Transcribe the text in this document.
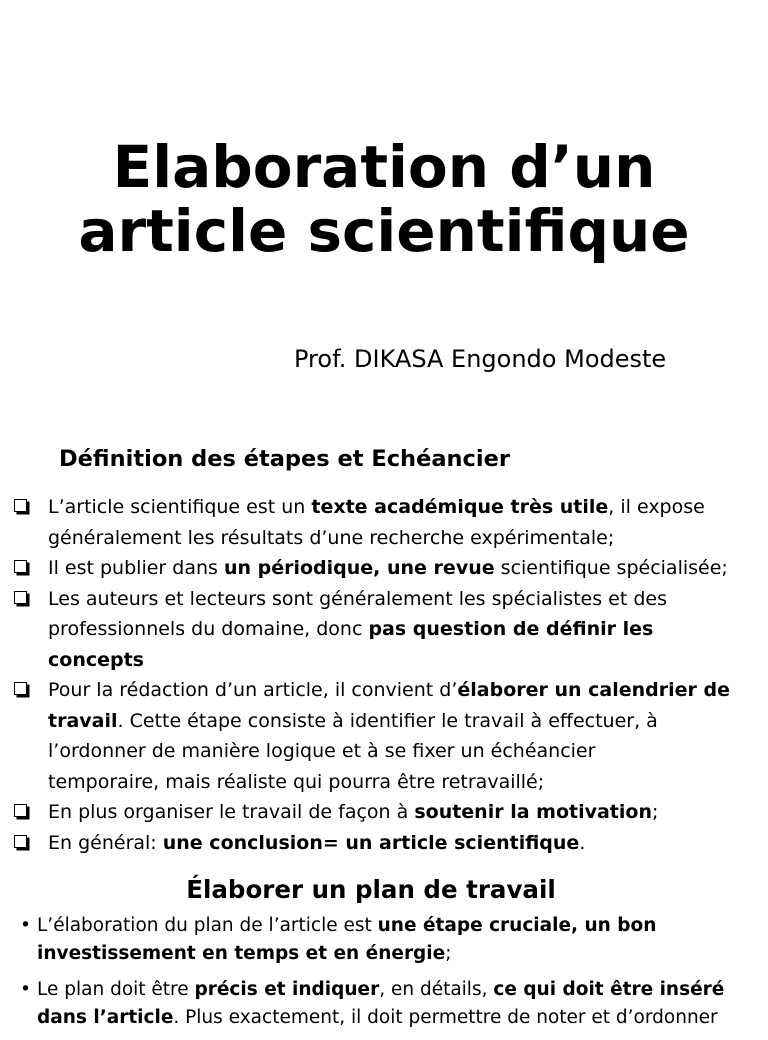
Elaboration d’un
article scientifique
Prof. DIKASA Engondo Modeste
Définition des étapes et Echéancier
L’article scientifique est un texte académique très utile, il expose
généralement les résultats d’une recherche expérimentale;
Il est publier dans un périodique, une revue scientifique spécialisée;
Les auteurs et lecteurs sont généralement les spécialistes et des
professionnels du domaine, donc pas question de définir les
concepts
Pour la rédaction d’un article, il convient d’élaborer un calendrier de
travail. Cette étape consiste à identifier le travail à effectuer, à
l’ordonner de manière logique et à se fixer un échéancier
temporaire, mais réaliste qui pourra être retravaillé;
En plus organiser le travail de façon à soutenir la motivation;
En général: une conclusion= un article scientifique.
Élaborer un plan de travail
• L’élaboration du plan de l’article est une étape cruciale, un bon
investissement en temps et en énergie;
• Le plan doit être précis et indiquer, en détails, ce qui doit être inséré
dans l’article. Plus exactement, il doit permettre de noter et d’ordonner
